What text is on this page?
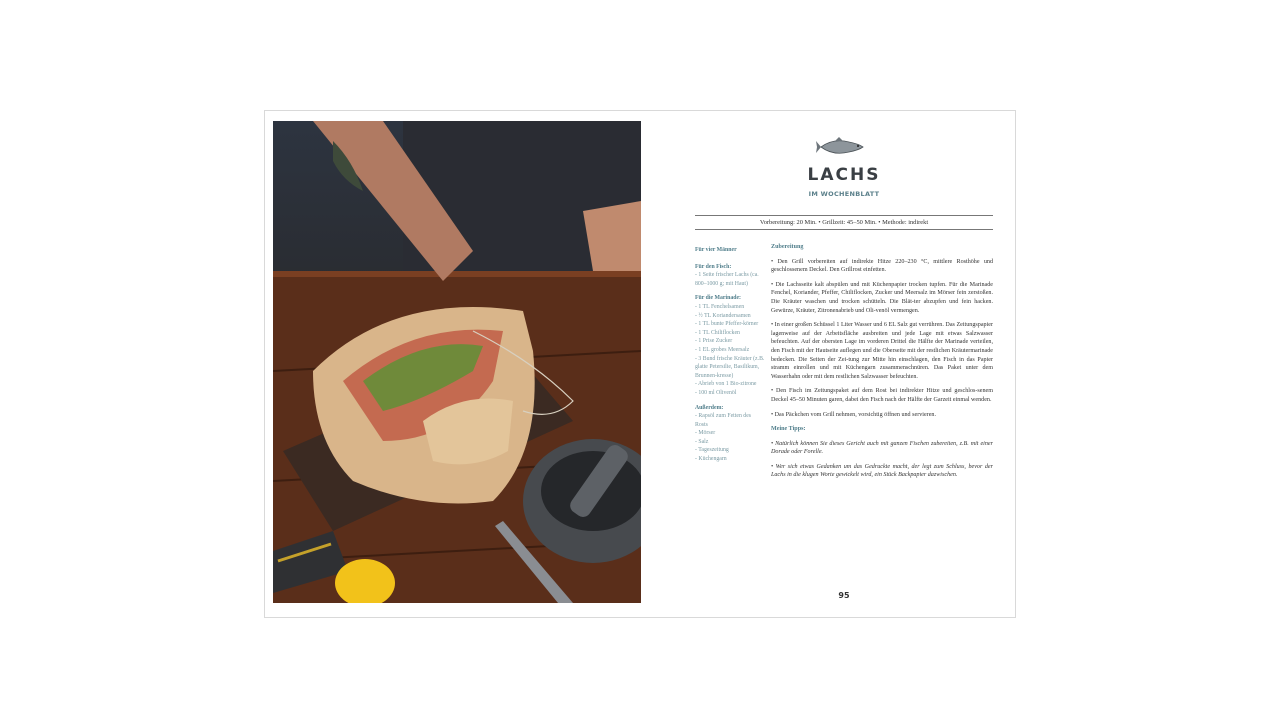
LACHS
IM WOCHENBLATT
Vorbereitung: 20 Min. • Grillzeit: 45–50 Min. • Methode: indirekt
Für vier Männer
Für den Fisch:
- 1 Seite frischer Lachs (ca. 800–1000 g; mit Haut)
Für die Marinade:
- 1 TL Fenchelsamen
- ½ TL Koriandersamen
- 1 TL bunte Pfeffer-körner
- 1 TL Chiliflocken
- 1 Prise Zucker
- 1 EL grobes Meersalz
- 3 Bund frische Kräuter (z.B. glatte Petersilie, Basilikum, Brunnen-kresse)
- Abrieb von 1 Bio-zitrone
- 100 ml Olivenöl
Außerdem:
- Rapsöl zum Fetten des Rosts
- Mörser
- Salz
- Tageszeitung
- Küchengarn
Zubereitung

• Den Grill vorbereiten auf indirekte Hitze 220–230 °C, mittlere Rosthöhe und geschlossenem Deckel. Den Grillrost einfetten.

• Die Lachsseite kalt abspülen und mit Küchenpapier trocken tupfen. Für die Marinade Fenchel, Koriander, Pfeffer, Chiliflocken, Zucker und Meersalz im Mörser fein zerstoßen. Die Kräuter waschen und trocken schütteln. Die Blät-ter abzupfen und fein hacken. Gewürze, Kräuter, Zitronenabrieb und Oli-venöl vermengen.

• In einer großen Schüssel 1 Liter Wasser und 6 EL Salz gut verrühren. Das Zeitungspapier lagenweise auf der Arbeitsfläche ausbreiten und jede Lage mit etwas Salzwasser befeuchten. Auf der obersten Lage im vorderen Drittel die Hälfte der Marinade verteilen, den Fisch mit der Hautseite auflegen und die Oberseite mit der restlichen Kräutermarinade bedecken. Die Seiten der Zei-tung zur Mitte hin einschlagen, den Fisch in das Papier stramm einrollen und mit Küchengarn zusammenschnüren. Das Paket unter dem Wasserhahn oder mit dem restlichen Salzwasser befeuchten.

• Den Fisch im Zeitungspaket auf dem Rost bei indirekter Hitze und geschlos-senem Deckel 45–50 Minuten garen, dabei den Fisch nach der Hälfte der Garzeit einmal wenden.

• Das Päckchen vom Grill nehmen, vorsichtig öffnen und servieren.

Meine Tipps:

• Natürlich können Sie dieses Gericht auch mit ganzen Fischen zubereiten, z.B. mit einer Dorade oder Forelle.

• Wer sich etwas Gedanken um das Gedruckte macht, der legt zum Schluss, bevor der Lachs in die klugen Worte gewickelt wird, ein Stück Backpapier dazwischen.

95
